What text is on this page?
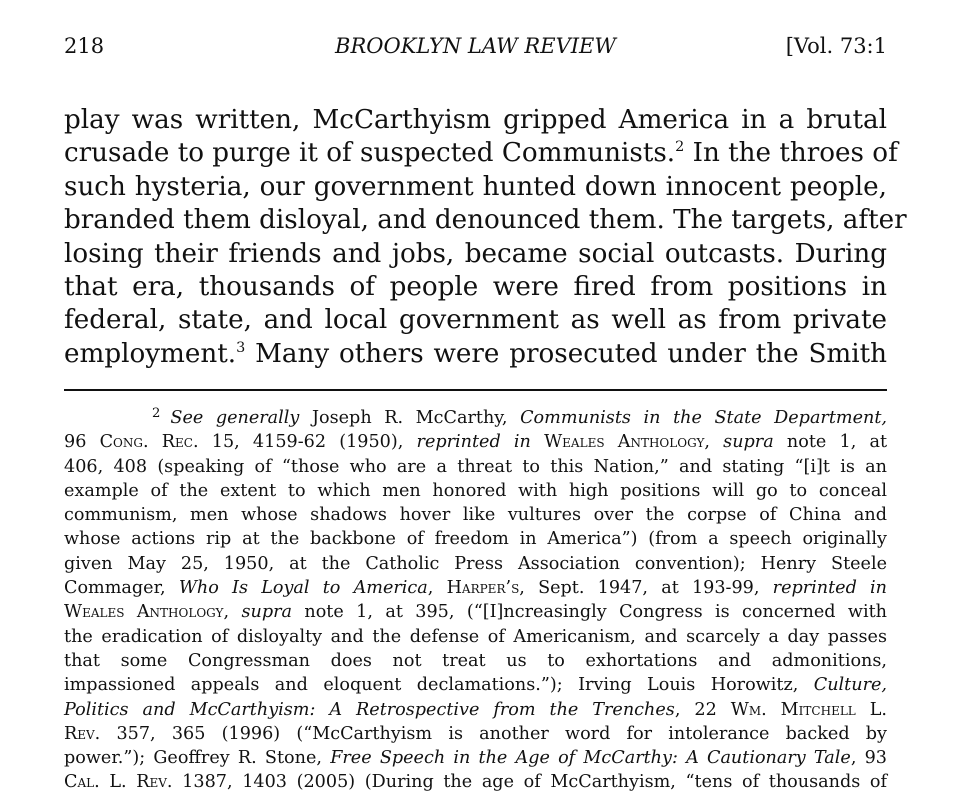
218	BROOKLYN LAW REVIEW	[Vol. 73:1
play was written, McCarthyism gripped America in a brutal
crusade to purge it of suspected Communists.$^2$ In the throes of
such hysteria, our government hunted down innocent people,
branded them disloyal, and denounced them. The targets, after
losing their friends and jobs, became social outcasts. During
that era, thousands of people were fired from positions in
federal, state, and local government as well as from private
employment.$^3$ Many others were prosecuted under the Smith
$^2$ See generally Joseph R. McCarthy, Communists in the State Department,
96 Cong. Rec. 15, 4159-62 (1950), reprinted in Weales Anthology, supra note 1, at
406, 408 (speaking of “those who are a threat to this Nation,” and stating “[i]t is an
example of the extent to which men honored with high positions will go to conceal
communism, men whose shadows hover like vultures over the corpse of China and
whose actions rip at the backbone of freedom in America”) (from a speech originally
given May 25, 1950, at the Catholic Press Association convention); Henry Steele
Commager, Who Is Loyal to America, Harper’s, Sept. 1947, at 193-99, reprinted in
Weales Anthology, supra note 1, at 395, (“[I]ncreasingly Congress is concerned with
the eradication of disloyalty and the defense of Americanism, and scarcely a day passes
that some Congressman does not treat us to exhortations and admonitions,
impassioned appeals and eloquent declamations.”); Irving Louis Horowitz, Culture,
Politics and McCarthyism: A Retrospective from the Trenches, 22 Wm. Mitchell L.
Rev. 357, 365 (1996) (“McCarthyism is another word for intolerance backed by
power.”); Geoffrey R. Stone, Free Speech in the Age of McCarthy: A Cautionary Tale, 93
Cal. L. Rev. 1387, 1403 (2005) (During the age of McCarthyism, “tens of thousands of
